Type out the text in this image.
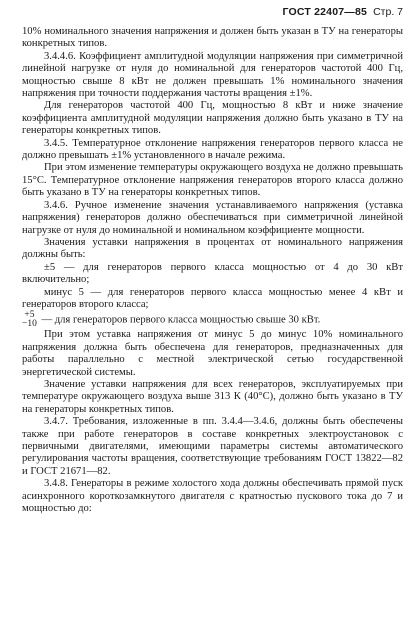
ГОСТ 22407—85 Стр. 7

10% номинального значения напряжения и должен быть указан в ТУ на генераторы конкретных типов.

3.4.4.6. Коэффициент амплитудной модуляции напряжения при симметричной линейной нагрузке от нуля до номинальной для генераторов частотой 400 Гц, мощностью свыше 8 кВт не должен превышать 1% номинального значения напряжения при точности поддержания частоты вращения ±1%.

Для генераторов частотой 400 Гц, мощностью 8 кВт и ниже значение коэффициента амплитудной модуляции напряжения должно быть указано в ТУ на генераторы конкретных типов.

3.4.5. Температурное отклонение напряжения генераторов первого класса не должно превышать ±1% установленного в начале режима.

При этом изменение температуры окружающего воздуха не должно превышать 15°С. Температурное отклонение напряжения генераторов второго класса должно быть указано в ТУ на генераторы конкретных типов.

3.4.6. Ручное изменение значения устанавливаемого напряжения (уставка напряжения) генераторов должно обеспечиваться при симметричной линейной нагрузке от нуля до номинальной и номинальном коэффициенте мощности.

Значения уставки напряжения в процентах от номинального напряжения должны быть:

±5 — для генераторов первого класса мощностью от 4 до 30 кВт включительно;

минус 5 — для генераторов первого класса мощностью менее 4 кВт и генераторов второго класса;

+5
−10 — для генераторов первого класса мощностью свыше 30 кВт.

При этом уставка напряжения от минус 5 до минус 10% номинального напряжения должна быть обеспечена для генераторов, предназначенных для работы параллельно с местной электрической сетью государственной энергетической системы.

Значение уставки напряжения для всех генераторов, эксплуатируемых при температуре окружающего воздуха выше 313 К (40°С), должно быть указано в ТУ на генераторы конкретных типов.

3.4.7. Требования, изложенные в пп. 3.4.4—3.4.6, должны быть обеспечены также при работе генераторов в составе конкретных электроустановок с первичными двигателями, имеющими параметры системы автоматического регулирования частоты вращения, соответствующие требованиям ГОСТ 13822—82 и ГОСТ 21671—82.

3.4.8. Генераторы в режиме холостого хода должны обеспечивать прямой пуск асинхронного короткозамкнутого двигателя с кратностью пускового тока до 7 и мощностью до:
